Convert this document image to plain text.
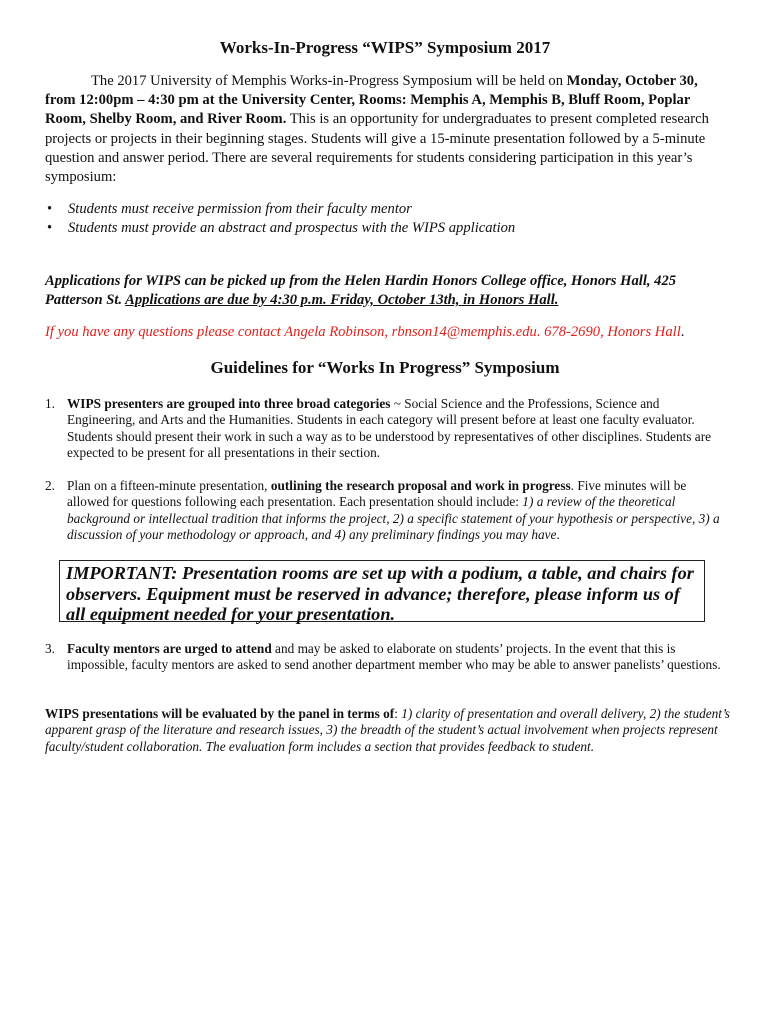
Works-In-Progress “WIPS” Symposium 2017

The 2017 University of Memphis Works-in-Progress Symposium will be held on Monday, October 30, from 12:00pm – 4:30 pm at the University Center, Rooms: Memphis A, Memphis B, Bluff Room, Poplar Room, Shelby Room, and River Room. This is an opportunity for undergraduates to present completed research projects or projects in their beginning stages. Students will give a 15-minute presentation followed by a 5-minute question and answer period. There are several requirements for students considering participation in this year’s symposium:

• Students must receive permission from their faculty mentor
• Students must provide an abstract and prospectus with the WIPS application

Applications for WIPS can be picked up from the Helen Hardin Honors College office, Honors Hall, 425 Patterson St. Applications are due by 4:30 p.m. Friday, October 13th, in Honors Hall.

If you have any questions please contact Angela Robinson, rbnson14@memphis.edu. 678-2690, Honors Hall.

Guidelines for “Works In Progress” Symposium

1. WIPS presenters are grouped into three broad categories ~ Social Science and the Professions, Science and Engineering, and Arts and the Humanities. Students in each category will present before at least one faculty evaluator. Students should present their work in such a way as to be understood by representatives of other disciplines. Students are expected to be present for all presentations in their section.

2. Plan on a fifteen-minute presentation, outlining the research proposal and work in progress. Five minutes will be allowed for questions following each presentation. Each presentation should include: 1) a review of the theoretical background or intellectual tradition that informs the project, 2) a specific statement of your hypothesis or perspective, 3) a discussion of your methodology or approach, and 4) any preliminary findings you may have.

IMPORTANT: Presentation rooms are set up with a podium, a table, and chairs for observers. Equipment must be reserved in advance; therefore, please inform us of all equipment needed for your presentation.

3. Faculty mentors are urged to attend and may be asked to elaborate on students’ projects. In the event that this is impossible, faculty mentors are asked to send another department member who may be able to answer panelists’ questions.

WIPS presentations will be evaluated by the panel in terms of: 1) clarity of presentation and overall delivery, 2) the student’s apparent grasp of the literature and research issues, 3) the breadth of the student’s actual involvement when projects represent faculty/student collaboration. The evaluation form includes a section that provides feedback to student.
